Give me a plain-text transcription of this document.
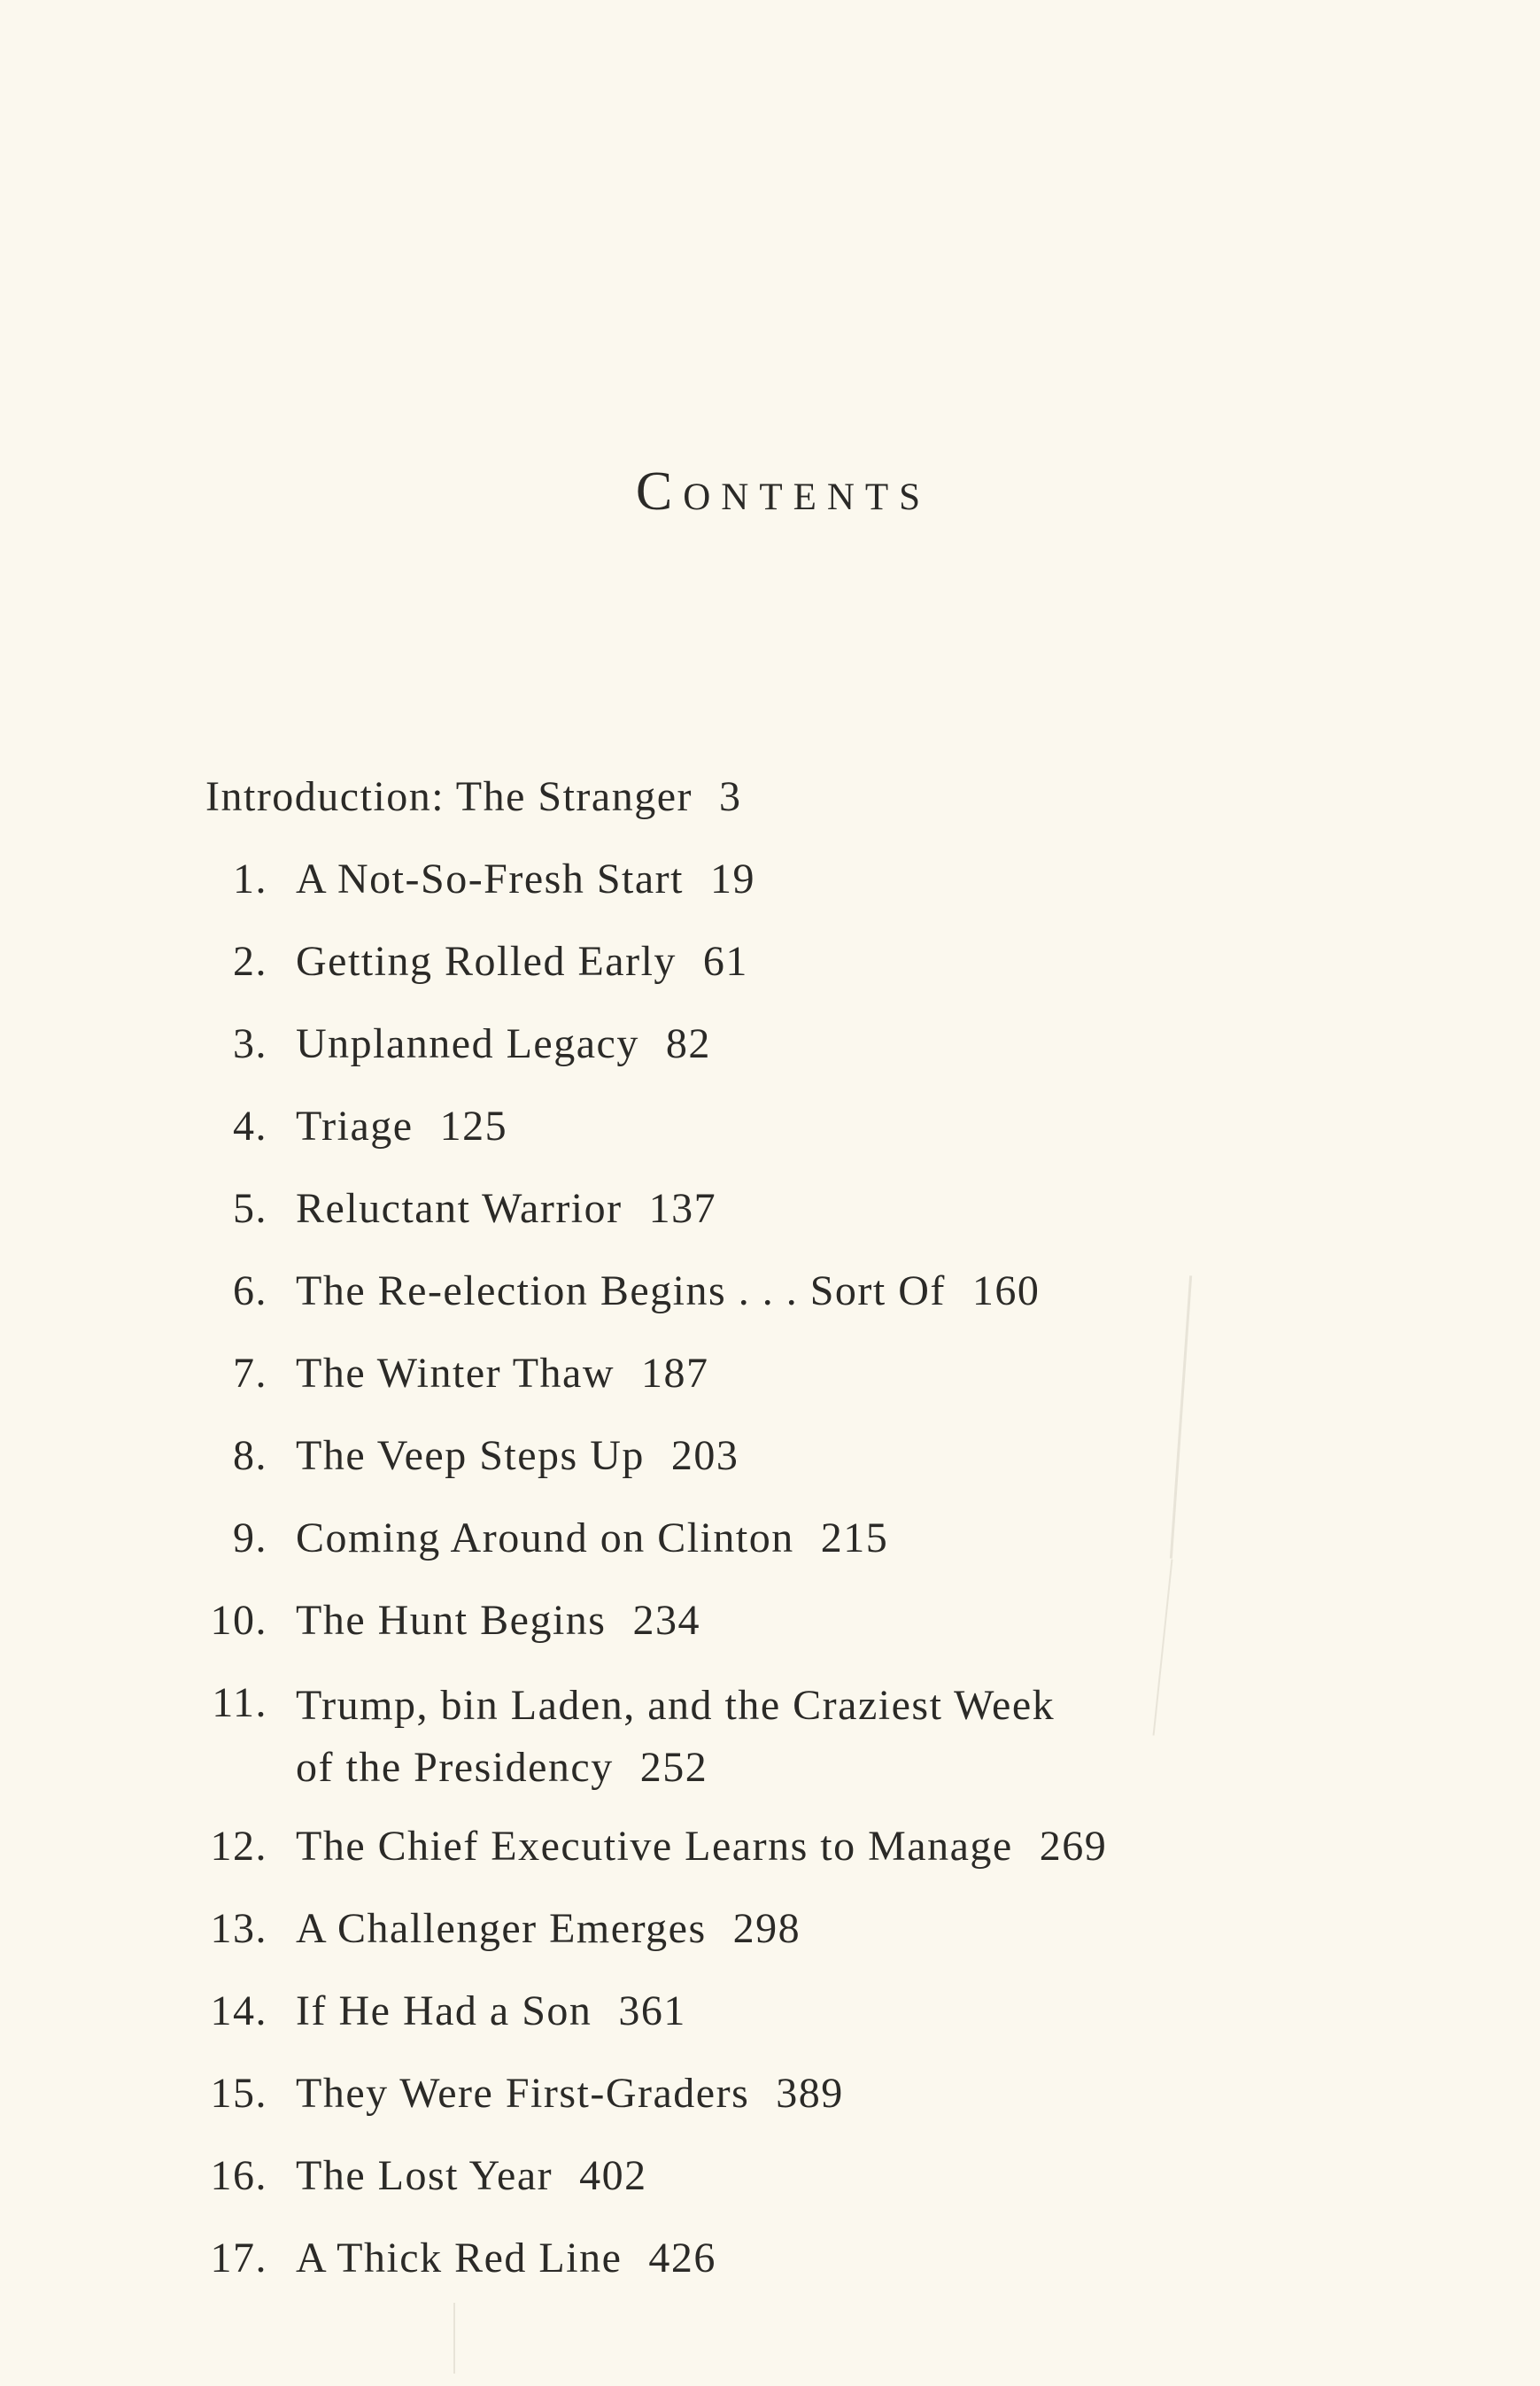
Contents
Introduction: The Stranger 3
1. A Not-So-Fresh Start 19
2. Getting Rolled Early 61
3. Unplanned Legacy 82
4. Triage 125
5. Reluctant Warrior 137
6. The Re-election Begins . . . Sort Of 160
7. The Winter Thaw 187
8. The Veep Steps Up 203
9. Coming Around on Clinton 215
10. The Hunt Begins 234
11. Trump, bin Laden, and the Craziest Week
of the Presidency 252
12. The Chief Executive Learns to Manage 269
13. A Challenger Emerges 298
14. If He Had a Son 361
15. They Were First-Graders 389
16. The Lost Year 402
17. A Thick Red Line 426
